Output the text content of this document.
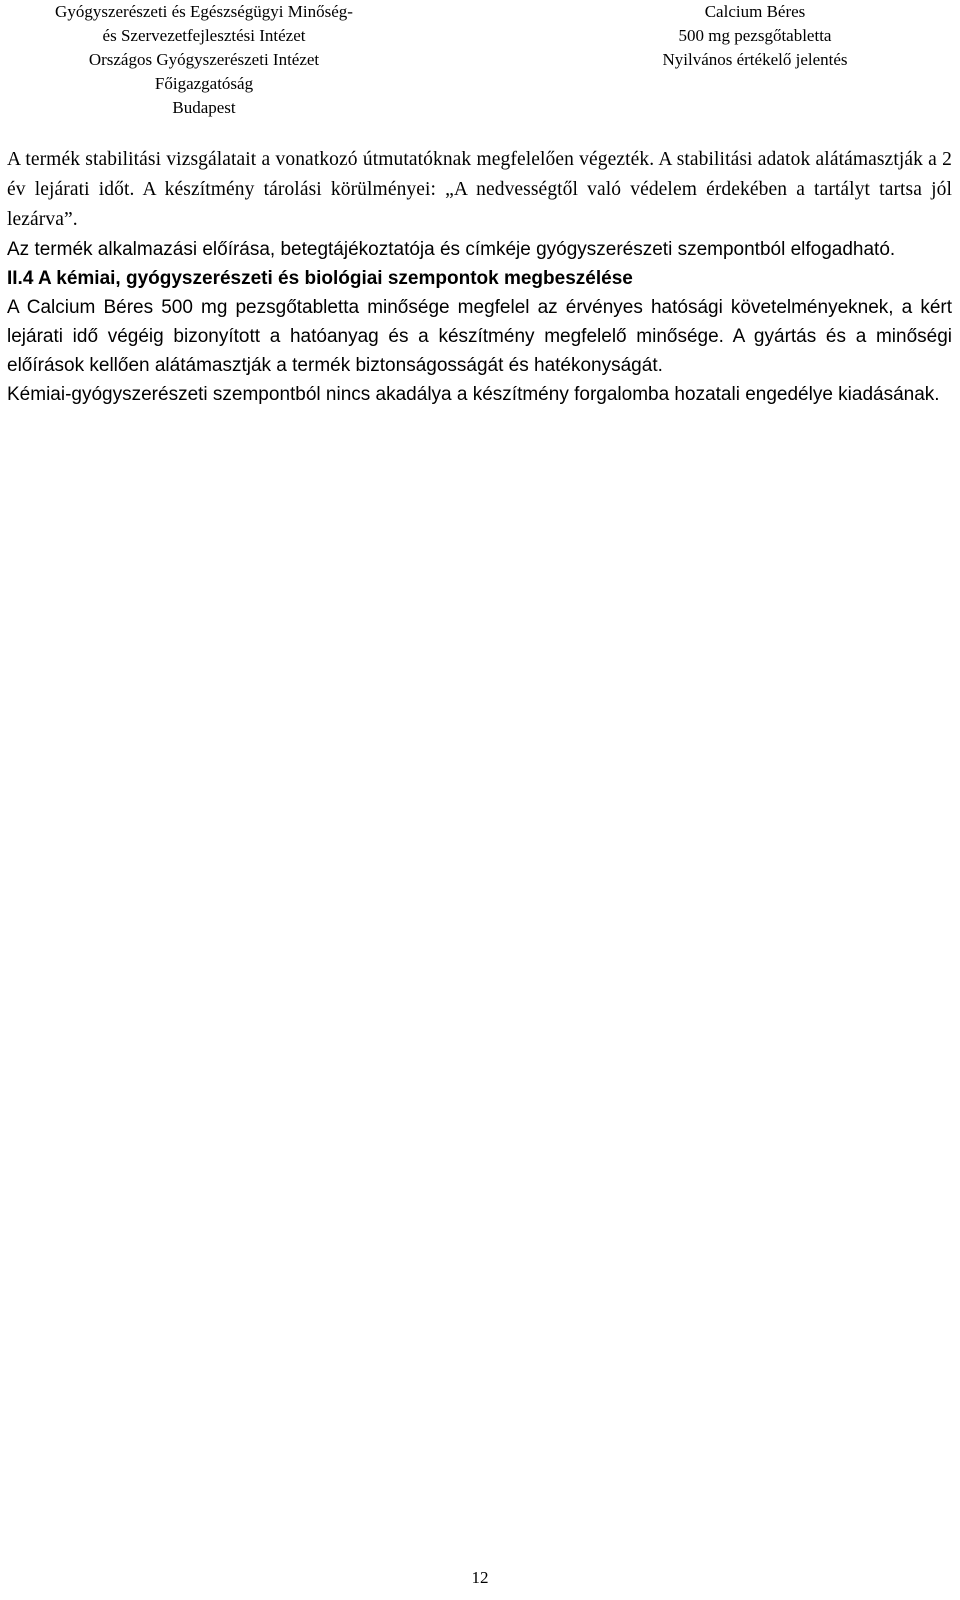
Gyógyszerészeti és Egészségügyi Minőség-
és Szervezetfejlesztési Intézet
Országos Gyógyszerészeti Intézet
Főigazgatóság
Budapest
Calcium Béres
500 mg pezsgőtabletta
Nyilvános értékelő jelentés

A termék stabilitási vizsgálatait a vonatkozó útmutatóknak megfelelően végezték. A stabilitási adatok alátámasztják a 2 év lejárati időt. A készítmény tárolási körülményei: „A nedvességtől való védelem érdekében a tartályt tartsa jól lezárva”.

Az termék alkalmazási előírása, betegtájékoztatója és címkéje gyógyszerészeti szempontból elfogadható.

II.4 A kémiai, gyógyszerészeti és biológiai szempontok megbeszélése

A Calcium Béres 500 mg pezsgőtabletta minősége megfelel az érvényes hatósági követelményeknek, a kért lejárati idő végéig bizonyított a hatóanyag és a készítmény megfelelő minősége. A gyártás és a minőségi előírások kellően alátámasztják a termék biztonságosságát és hatékonyságát.

Kémiai-gyógyszerészeti szempontból nincs akadálya a készítmény forgalomba hozatali engedélye kiadásának.

12
